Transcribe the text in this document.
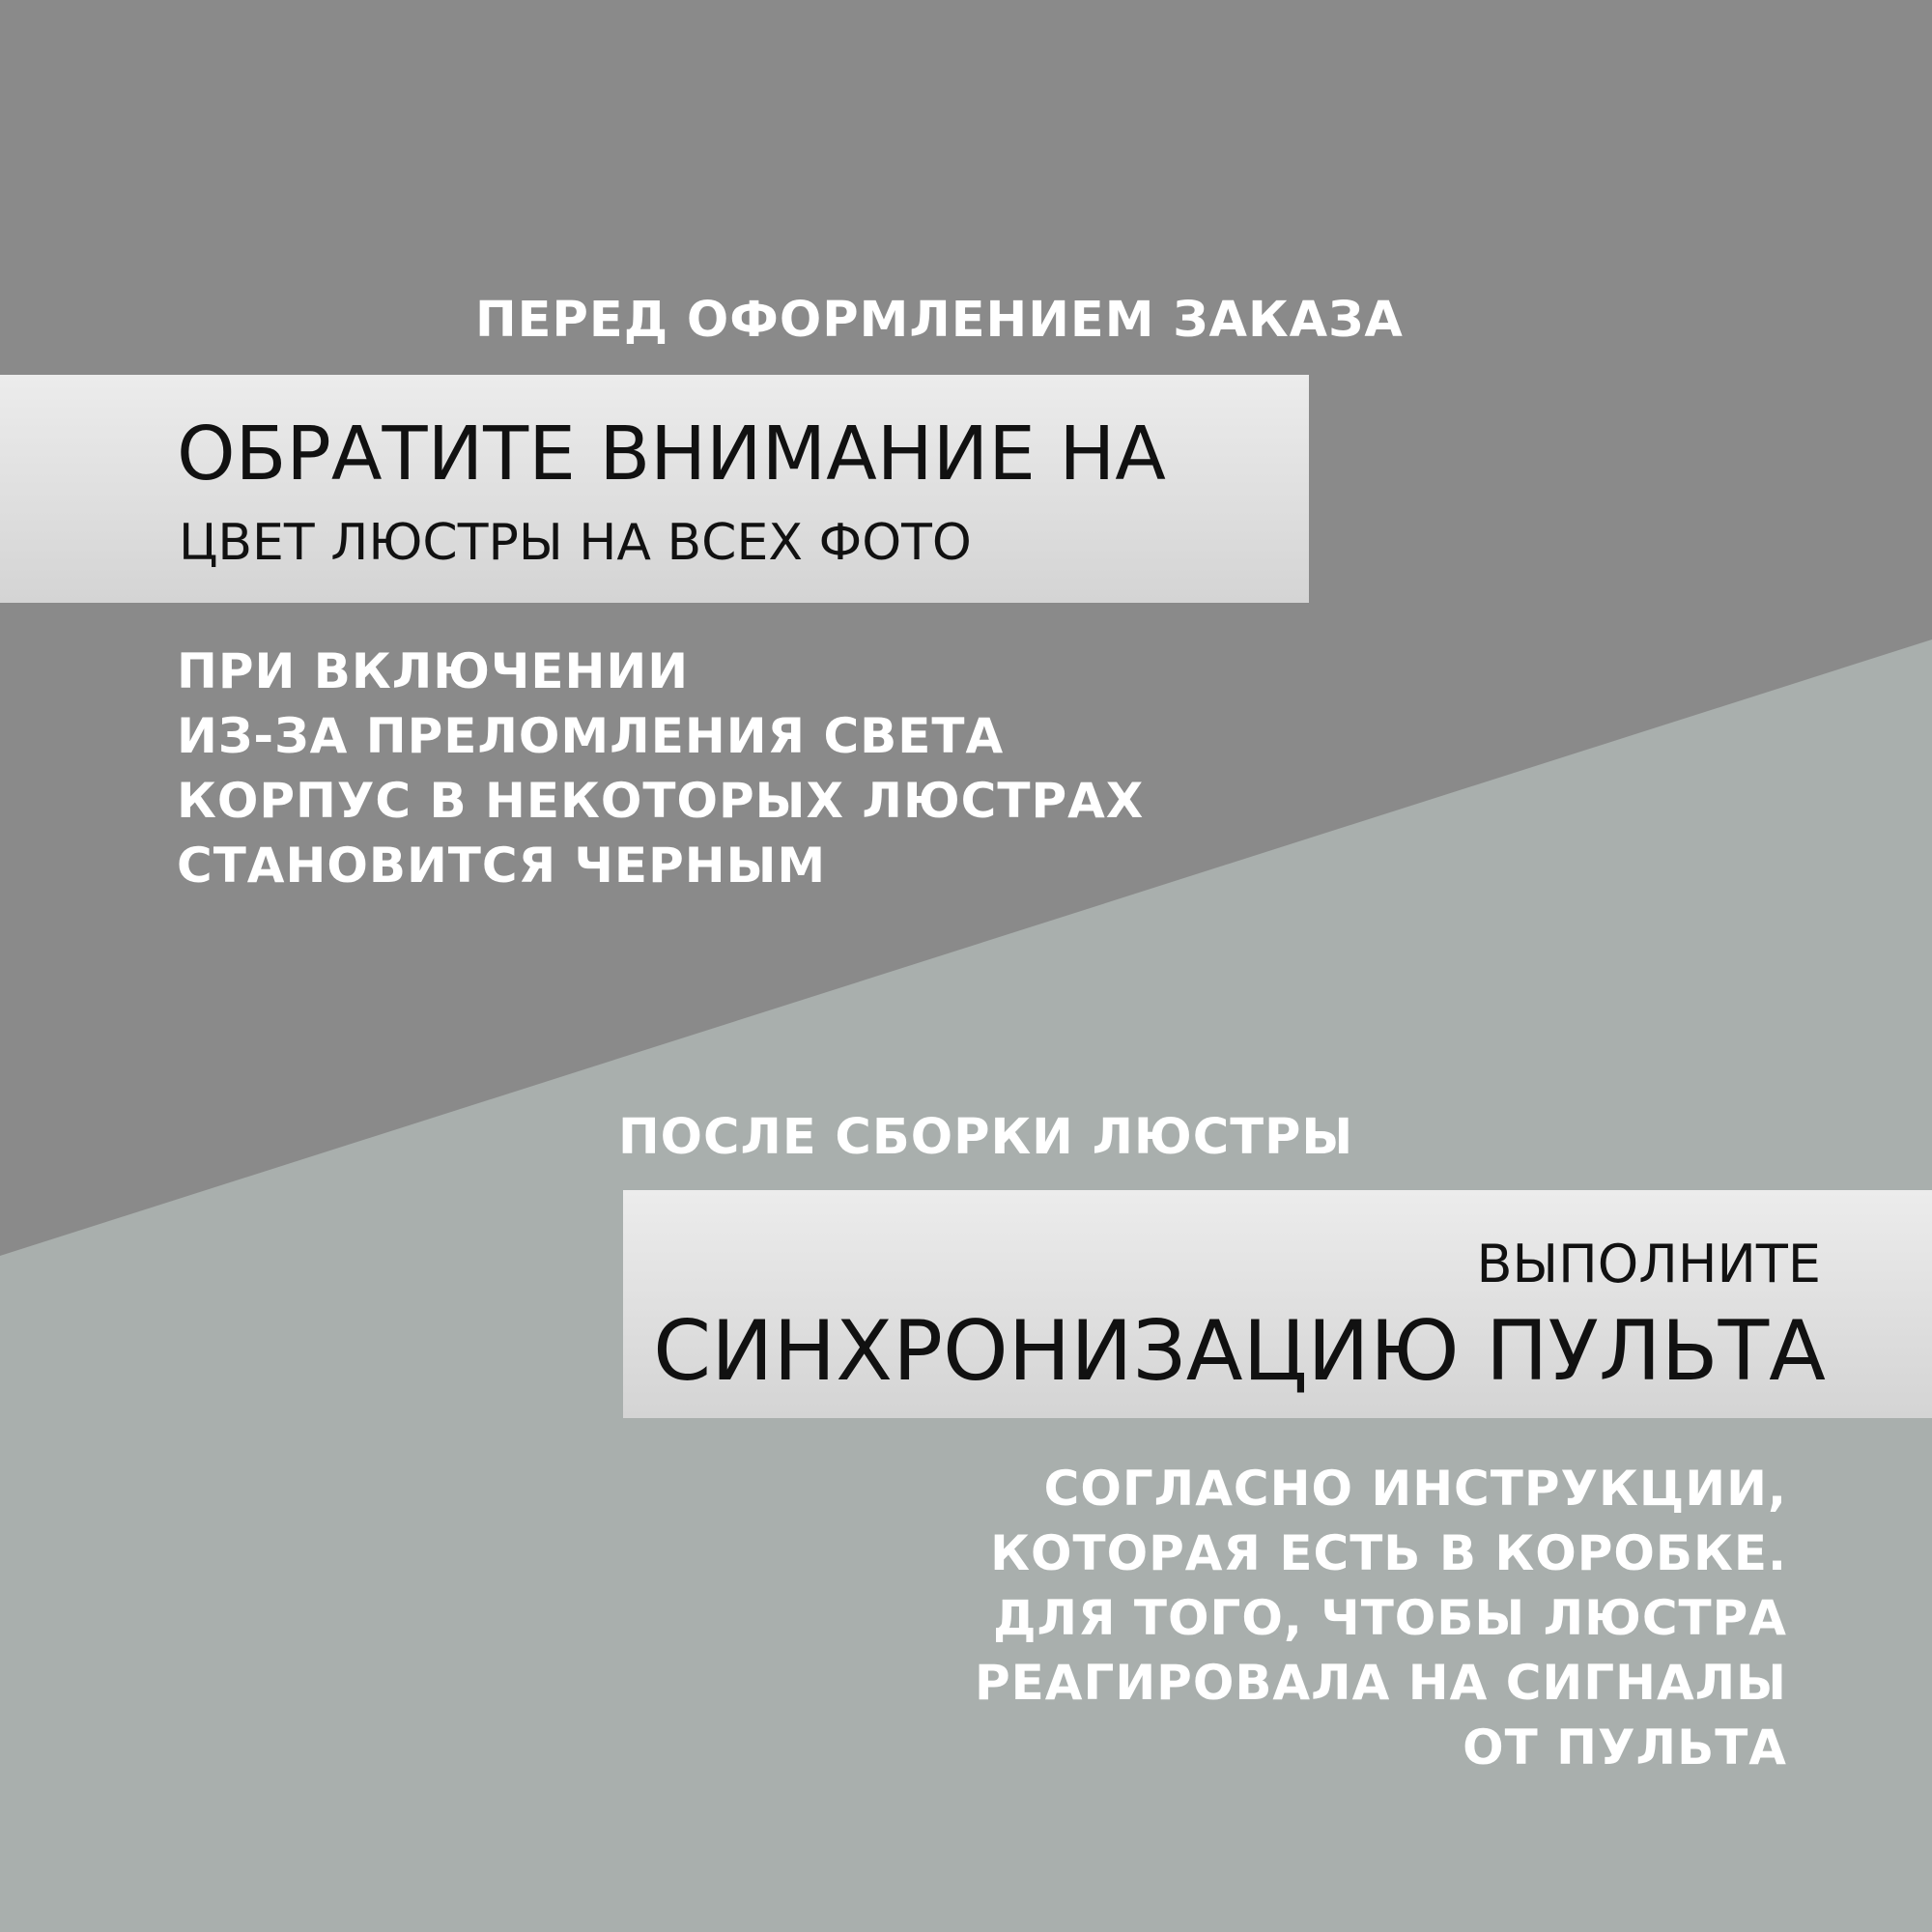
ПЕРЕД ОФОРМЛЕНИЕМ ЗАКАЗА
ОБРАТИТЕ ВНИМАНИЕ НА
ЦВЕТ ЛЮСТРЫ НА ВСЕХ ФОТО
ПРИ ВКЛЮЧЕНИИ
ИЗ-ЗА ПРЕЛОМЛЕНИЯ СВЕТА
КОРПУС В НЕКОТОРЫХ ЛЮСТРАХ
СТАНОВИТСЯ ЧЕРНЫМ
ПОСЛЕ СБОРКИ ЛЮСТРЫ
ВЫПОЛНИТЕ
СИНХРОНИЗАЦИЮ ПУЛЬТА
СОГЛАСНО ИНСТРУКЦИИ,
КОТОРАЯ ЕСТЬ В КОРОБКЕ.
ДЛЯ ТОГО, ЧТОБЫ ЛЮСТРА
РЕАГИРОВАЛА НА СИГНАЛЫ
ОТ ПУЛЬТА
